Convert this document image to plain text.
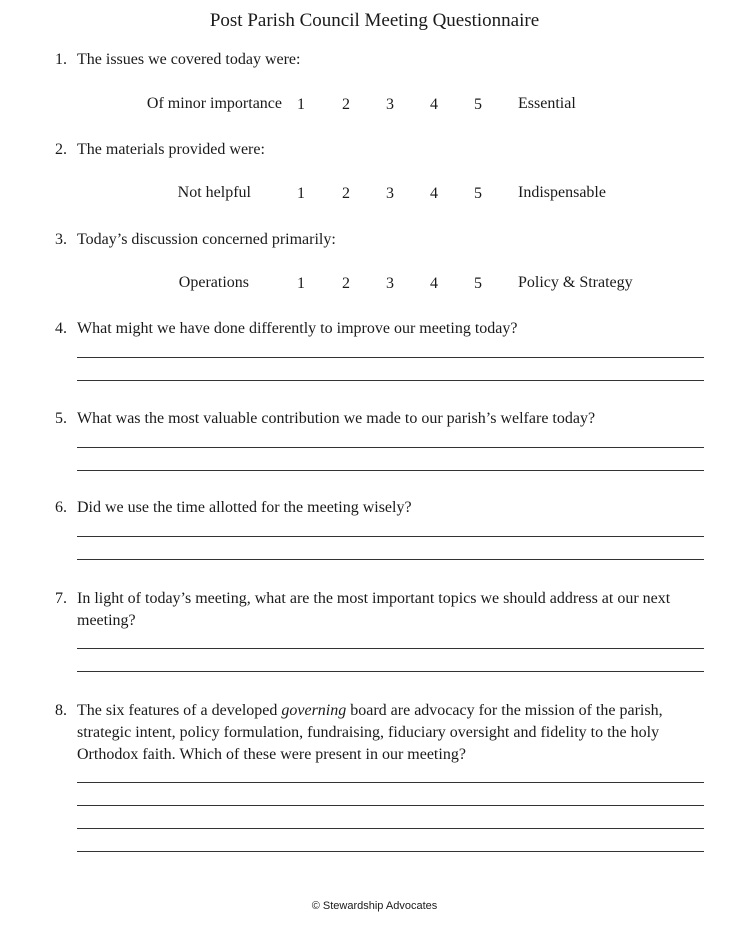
Post Parish Council Meeting Questionnaire
1. The issues we covered today were:
Of minor importance 1	2	3	4	5	Essential
2. The materials provided were:
Not helpful	1	2	3	4	5	Indispensable
3. Today’s discussion concerned primarily:
Operations	1	2	3	4	5	Policy & Strategy
4. What might we have done differently to improve our meeting today?
5. What was the most valuable contribution we made to our parish’s welfare today?
6. Did we use the time allotted for the meeting wisely?
7. In light of today’s meeting, what are the most important topics we should address at our next meeting?
8. The six features of a developed governing board are advocacy for the mission of the parish, strategic intent, policy formulation, fundraising, fiduciary oversight and fidelity to the holy Orthodox faith. Which of these were present in our meeting?
© Stewardship Advocates
